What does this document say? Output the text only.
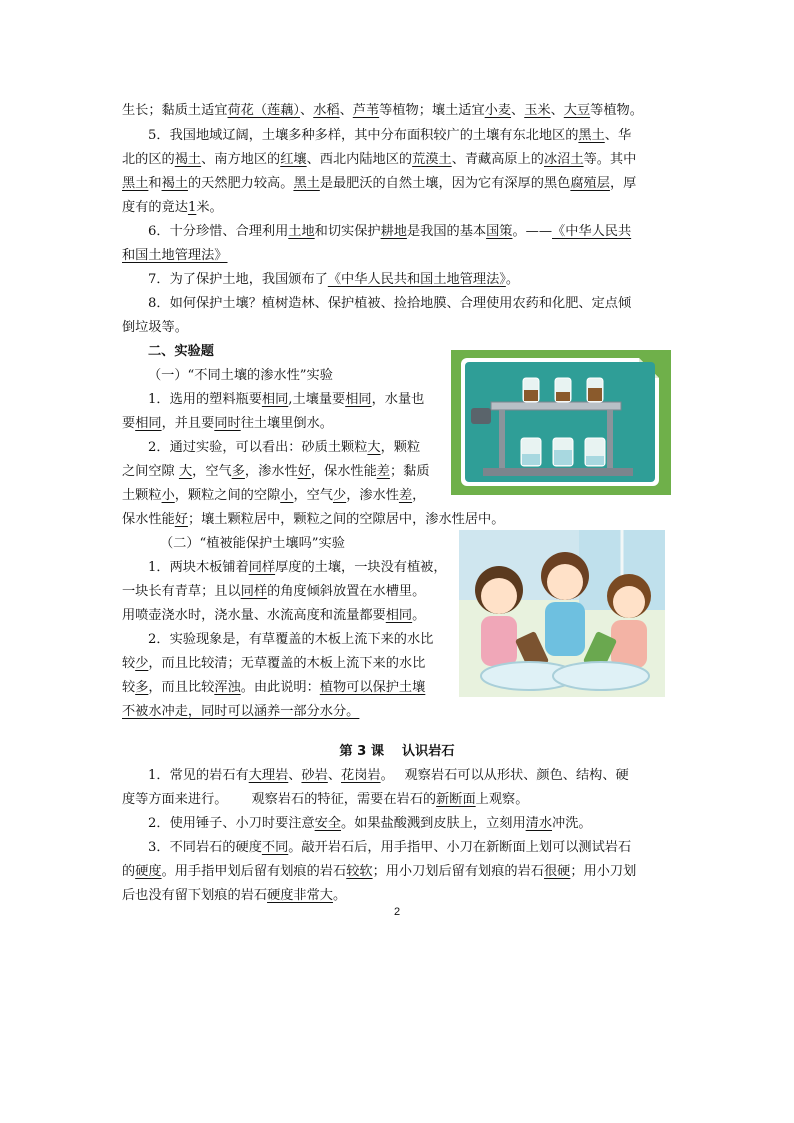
生长；黏质土适宜荷花（莲藕）、水稻、芦苇等植物；壤土适宜小麦、玉米、大豆等植物。
5．我国地域辽阔，土壤多种多样，其中分布面积较广的土壤有东北地区的黑土、华
北的区的褐土、南方地区的红壤、西北内陆地区的荒漠土、青藏高原上的冰沼土等。其中
黑土和褐土的天然肥力较高。黑土是最肥沃的自然土壤，因为它有深厚的黑色腐殖层，厚
度有的竟达1米。
6．十分珍惜、合理利用土地和切实保护耕地是我国的基本国策。——《中华人民共
和国土地管理法》
7．为了保护土地，我国颁布了《中华人民共和国土地管理法》。
8．如何保护土壤？植树造林、保护植被、捡拾地膜、合理使用农药和化肥、定点倾
倒垃圾等。
二、实验题
（一）“不同土壤的渗水性”实验
1．选用的塑料瓶要相同,土壤量要相同，水量也
要相同，并且要同时往土壤里倒水。
2．通过实验，可以看出：砂质土颗粒大，颗粒
之间空隙 大，空气多，渗水性好，保水性能差；黏质
土颗粒小，颗粒之间的空隙小，空气少，渗水性差，
保水性能好；壤土颗粒居中，颗粒之间的空隙居中，渗水性居中。
（二）“植被能保护土壤吗”实验
1．两块木板铺着同样厚度的土壤，一块没有植被，
一块长有青草；且以同样的角度倾斜放置在水槽里。
用喷壶浇水时，浇水量、水流高度和流量都要相同。
2．实验现象是，有草覆盖的木板上流下来的水比
较少，而且比较清；无草覆盖的木板上流下来的水比
较多，而且比较浑浊。由此说明：植物可以保护土壤
不被水冲走，同时可以涵养一部分水分。
第 3 课　 认识岩石
1．常见的岩石有大理岩、砂岩、花岗岩。　 观察岩石可以从形状、颜色、结构、硬
度等方面来进行。　　 观察岩石的特征，需要在岩石的新断面上观察。
2．使用锤子、小刀时要注意安全。如果盐酸溅到皮肤上，立刻用清水冲洗。
3．不同岩石的硬度不同。敲开岩石后，用手指甲、小刀在新断面上划可以测试岩石
的硬度。用手指甲划后留有划痕的岩石较软；用小刀划后留有划痕的岩石很硬；用小刀划
后也没有留下划痕的岩石硬度非常大。
2
